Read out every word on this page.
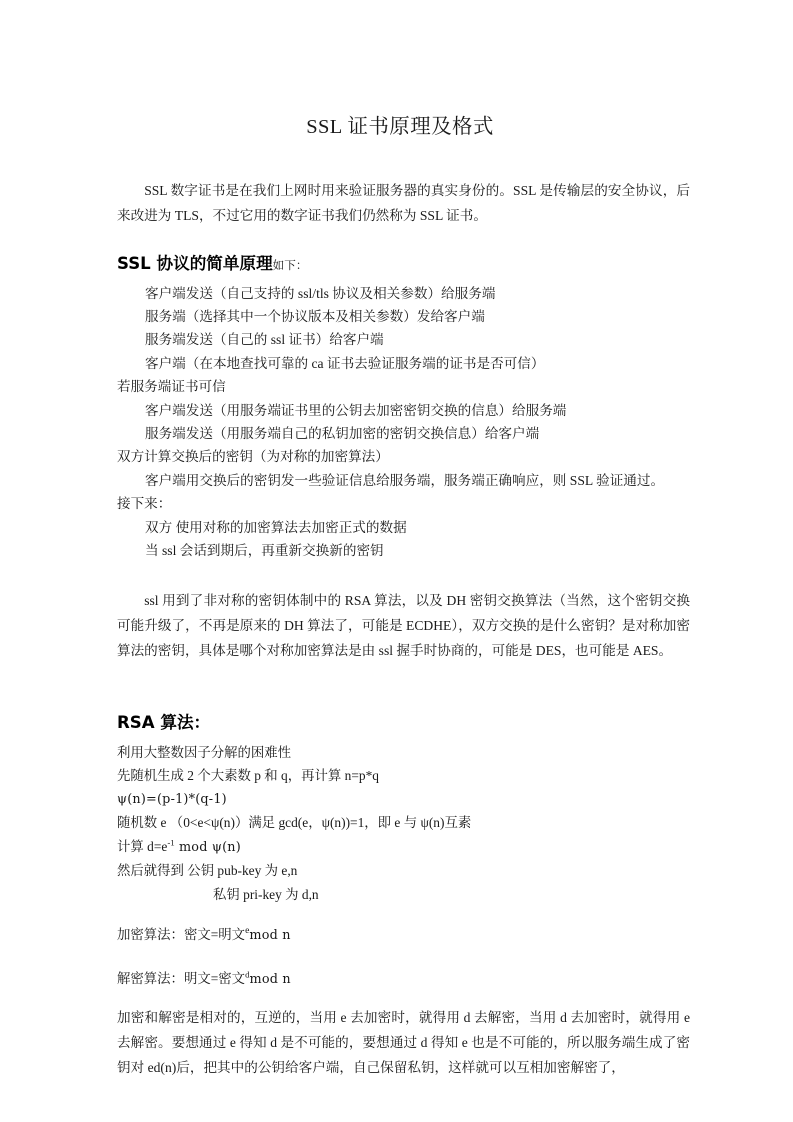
SSL 证书原理及格式

SSL 数字证书是在我们上网时用来验证服务器的真实身份的。SSL 是传输层的安全协议，后来改进为 TLS，不过它用的数字证书我们仍然称为 SSL 证书。

SSL 协议的简单原理如下：
客户端发送（自己支持的 ssl/tls 协议及相关参数）给服务端
服务端（选择其中一个协议版本及相关参数）发给客户端
服务端发送（自己的 ssl 证书）给客户端
客户端（在本地查找可靠的 ca 证书去验证服务端的证书是否可信）
若服务端证书可信
客户端发送（用服务端证书里的公钥去加密密钥交换的信息）给服务端
服务端发送（用服务端自己的私钥加密的密钥交换信息）给客户端
双方计算交换后的密钥（为对称的加密算法）
客户端用交换后的密钥发一些验证信息给服务端，服务端正确响应，则 SSL 验证通过。
接下来：
双方 使用对称的加密算法去加密正式的数据
当 ssl 会话到期后，再重新交换新的密钥

ssl 用到了非对称的密钥体制中的 RSA 算法，以及 DH 密钥交换算法（当然，这个密钥交换可能升级了，不再是原来的 DH 算法了，可能是 ECDHE），双方交换的是什么密钥？是对称加密算法的密钥，具体是哪个对称加密算法是由 ssl 握手时协商的，可能是 DES，也可能是 AES。

RSA 算法：
利用大整数因子分解的困难性
先随机生成 2 个大素数 p 和 q，再计算 n=p*q
ψ(n)=(p-1)*(q-1)
随机数 e （0<e<ψ(n)）满足 gcd(e，ψ(n))=1，即 e 与 ψ(n)互素
计算 $d=e^{-1}$ mod ψ(n)
然后就得到 公钥 pub-key 为 e,n
私钥 pri-key 为 d,n
加密算法：密文=明文$^e$mod n
解密算法：明文=密文$^d$mod n

加密和解密是相对的，互逆的，当用 e 去加密时，就得用 d 去解密，当用 d 去加密时，就得用 e 去解密。要想通过 e 得知 d 是不可能的，要想通过 d 得知 e 也是不可能的，所以服务端生成了密钥对 ed(n)后，把其中的公钥给客户端，自己保留私钥，这样就可以互相加密解密了，
